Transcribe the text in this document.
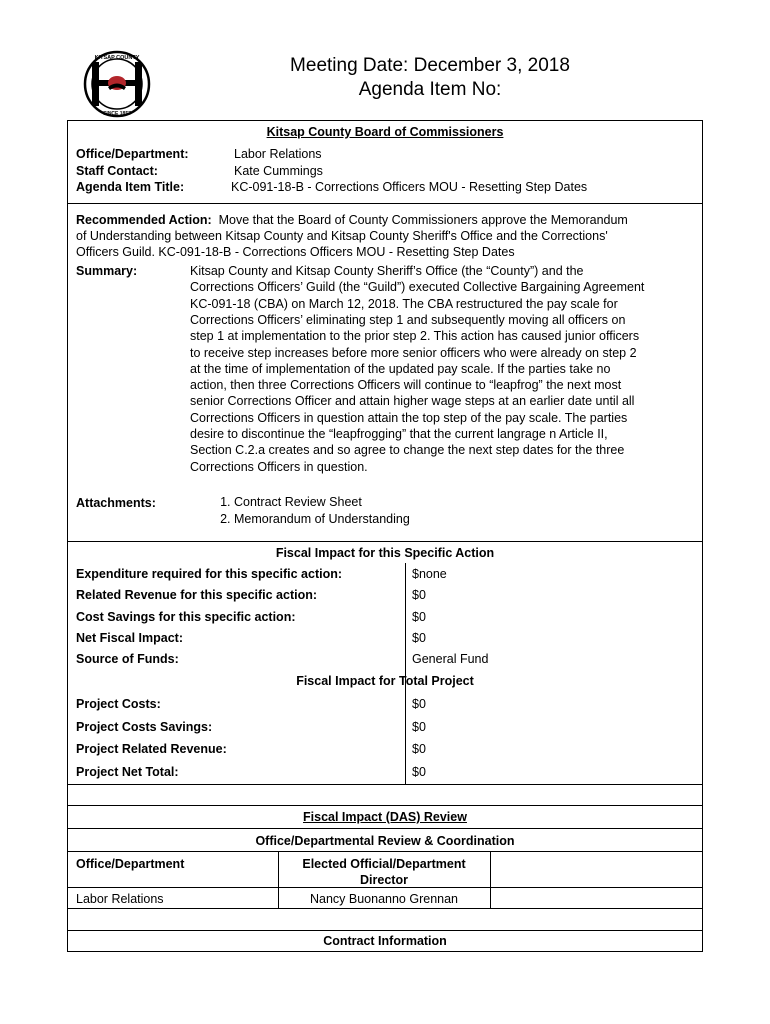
KITSAP COUNTY
SINCE 1857
Meeting Date: December 3, 2018
Agenda Item No:
Kitsap County Board of Commissioners
Office/Department:	Labor Relations
Staff Contact:	Kate Cummings
Agenda Item Title:	KC-091-18-B - Corrections Officers MOU - Resetting Step Dates
Recommended Action: Move that the Board of County Commissioners approve the Memorandum
of Understanding between Kitsap County and Kitsap County Sheriff's Office and the Corrections'
Officers Guild. KC-091-18-B - Corrections Officers MOU - Resetting Step Dates
Summary:	Kitsap County and Kitsap County Sheriff’s Office (the “County”) and the
Corrections Officers’ Guild (the “Guild”) executed Collective Bargaining Agreement
KC-091-18 (CBA) on March 12, 2018. The CBA restructured the pay scale for
Corrections Officers’ eliminating step 1 and subsequently moving all officers on
step 1 at implementation to the prior step 2. This action has caused junior officers
to receive step increases before more senior officers who were already on step 2
at the time of implementation of the updated pay scale. If the parties take no
action, then three Corrections Officers will continue to “leapfrog” the next most
senior Corrections Officer and attain higher wage steps at an earlier date until all
Corrections Officers in question attain the top step of the pay scale. The parties
desire to discontinue the “leapfrogging” that the current langrage n Article II,
Section C.2.a creates and so agree to change the next step dates for the three
Corrections Officers in question.
Attachments:
1.	Contract Review Sheet
2. Memorandum of Understanding
Fiscal Impact for this Specific Action
Expenditure required for this specific action:	$none
Related Revenue for this specific action:	$0
Cost Savings for this specific action:	$0
Net Fiscal Impact:	$0
Source of Funds:	General Fund
Fiscal Impact for Total Project
Project Costs:	$0
Project Costs Savings:	$0
Project Related Revenue:	$0
Project Net Total:	$0
Fiscal Impact (DAS) Review
Office/Departmental Review & Coordination
Office/Department	Elected Official/Department
Director
Labor Relations	Nancy Buonanno Grennan
Contract Information
